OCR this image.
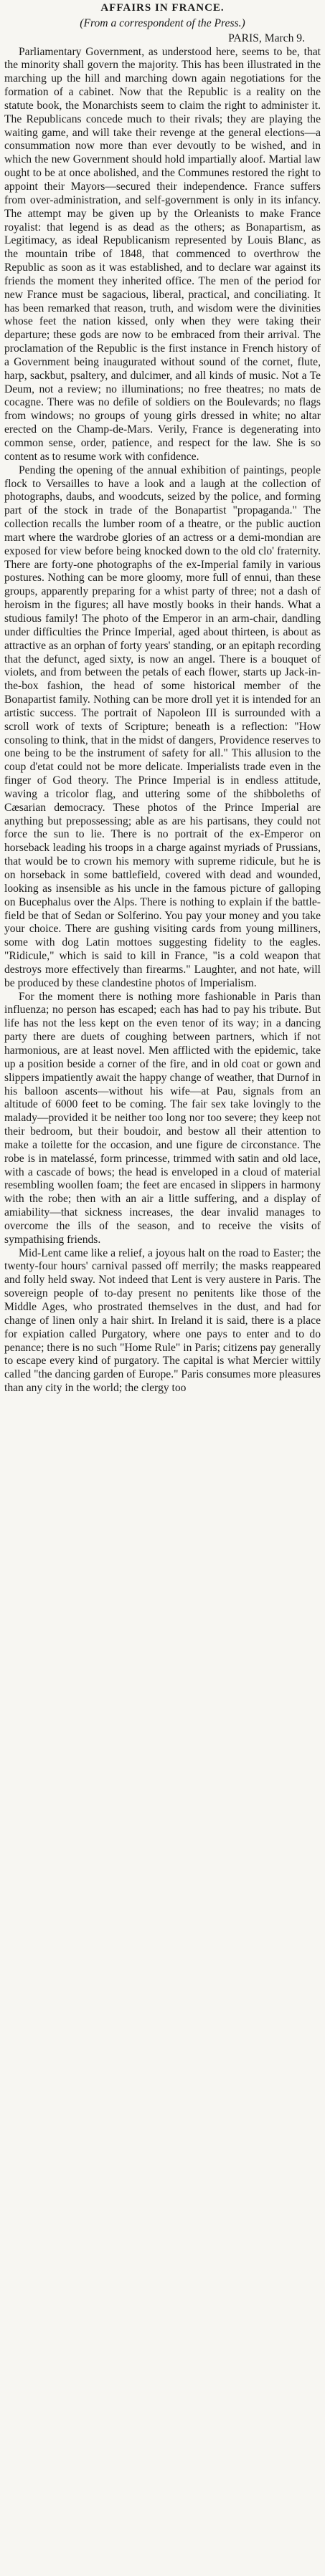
AFFAIRS IN FRANCE.
(From a correspondent of the Press.)
PARIS, March 9.

Parliamentary Government, as understood here, seems to be, that the minority shall govern the majority. This has been illustrated in the marching up the hill and marching down again negotiations for the formation of a cabinet. Now that the Republic is a reality on the statute book, the Monarchists seem to claim the right to administer it. The Republicans concede much to their rivals; they are playing the waiting game, and will take their revenge at the general elections—a consummation now more than ever devoutly to be wished, and in which the new Government should hold impartially aloof. Martial law ought to be at once abolished, and the Communes restored the right to appoint their Mayors—secured their independence. France suffers from over-administration, and self-government is only in its infancy. The attempt may be given up by the Orleanists to make France royalist: that legend is as dead as the others; as Bonapartism, as Legitimacy, as ideal Republicanism represented by Louis Blanc, as the mountain tribe of 1848, that commenced to overthrow the Republic as soon as it was established, and to declare war against its friends the moment they inherited office. The men of the period for new France must be sagacious, liberal, practical, and conciliating. It has been remarked that reason, truth, and wisdom were the divinities whose feet the nation kissed, only when they were taking their departure; these gods are now to be embraced from their arrival. The proclamation of the Republic is the first instance in French history of a Government being inaugurated without sound of the cornet, flute, harp, sackbut, psaltery, and dulcimer, and all kinds of music. Not a Te Deum, not a review; no illuminations; no free theatres; no mats de cocagne. There was no defile of soldiers on the Boulevards; no flags from windows; no groups of young girls dressed in white; no altar erected on the Champ-de-Mars. Verily, France is degenerating into common sense, order, patience, and respect for the law. She is so content as to resume work with confidence.

Pending the opening of the annual exhibition of paintings, people flock to Versailles to have a look and a laugh at the collection of photographs, daubs, and woodcuts, seized by the police, and forming part of the stock in trade of the Bonapartist "propaganda." The collection recalls the lumber room of a theatre, or the public auction mart where the wardrobe glories of an actress or a demi-mondian are exposed for view before being knocked down to the old clo' fraternity. There are forty-one photographs of the ex-Imperial family in various postures. Nothing can be more gloomy, more full of ennui, than these groups, apparently preparing for a whist party of three; not a dash of heroism in the figures; all have mostly books in their hands. What a studious family! The photo of the Emperor in an arm-chair, dandling under difficulties the Prince Imperial, aged about thirteen, is about as attractive as an orphan of forty years' standing, or an epitaph recording that the defunct, aged sixty, is now an angel. There is a bouquet of violets, and from between the petals of each flower, starts up Jack-in-the-box fashion, the head of some historical member of the Bonapartist family. Nothing can be more droll yet it is intended for an artistic success. The portrait of Napoleon III is surrounded with a scroll work of texts of Scripture; beneath is a reflection: "How consoling to think, that in the midst of dangers, Providence reserves to one being to be the instrument of safety for all." This allusion to the coup d'etat could not be more delicate. Imperialists trade even in the finger of God theory. The Prince Imperial is in endless attitude, waving a tricolor flag, and uttering some of the shibboleths of Cæsarian democracy. These photos of the Prince Imperial are anything but prepossessing; able as are his partisans, they could not force the sun to lie. There is no portrait of the ex-Emperor on horseback leading his troops in a charge against myriads of Prussians, that would be to crown his memory with supreme ridicule, but he is on horseback in some battlefield, covered with dead and wounded, looking as insensible as his uncle in the famous picture of galloping on Bucephalus over the Alps. There is nothing to explain if the battle-field be that of Sedan or Solferino. You pay your money and you take your choice. There are gushing visiting cards from young milliners, some with dog Latin mottoes suggesting fidelity to the eagles. "Ridicule," which is said to kill in France, "is a cold weapon that destroys more effectively than firearms." Laughter, and not hate, will be produced by these clandestine photos of Imperialism.

For the moment there is nothing more fashionable in Paris than influenza; no person has escaped; each has had to pay his tribute. But life has not the less kept on the even tenor of its way; in a dancing party there are duets of coughing between partners, which if not harmonious, are at least novel. Men afflicted with the epidemic, take up a position beside a corner of the fire, and in old coat or gown and slippers impatiently await the happy change of weather, that Durnof in his balloon ascents—without his wife—at Pau, signals from an altitude of 6000 feet to be coming. The fair sex take lovingly to the malady—provided it be neither too long nor too severe; they keep not their bedroom, but their boudoir, and bestow all their attention to make a toilette for the occasion, and une figure de circonstance. The robe is in matelassé, form princesse, trimmed with satin and old lace, with a cascade of bows; the head is enveloped in a cloud of material resembling woollen foam; the feet are encased in slippers in harmony with the robe; then with an air a little suffering, and a display of amiability—that sickness increases, the dear invalid manages to overcome the ills of the season, and to receive the visits of sympathising friends.

Mid-Lent came like a relief, a joyous halt on the road to Easter; the twenty-four hours' carnival passed off merrily; the masks reappeared and folly held sway. Not indeed that Lent is very austere in Paris. The sovereign people of to-day present no penitents like those of the Middle Ages, who prostrated themselves in the dust, and had for change of linen only a hair shirt. In Ireland it is said, there is a place for expiation called Purgatory, where one pays to enter and to do penance; there is no such "Home Rule" in Paris; citizens pay generally to escape every kind of purgatory. The capital is what Mercier wittily called "the dancing garden of Europe." Paris consumes more pleasures than any city in the world; the clergy too
